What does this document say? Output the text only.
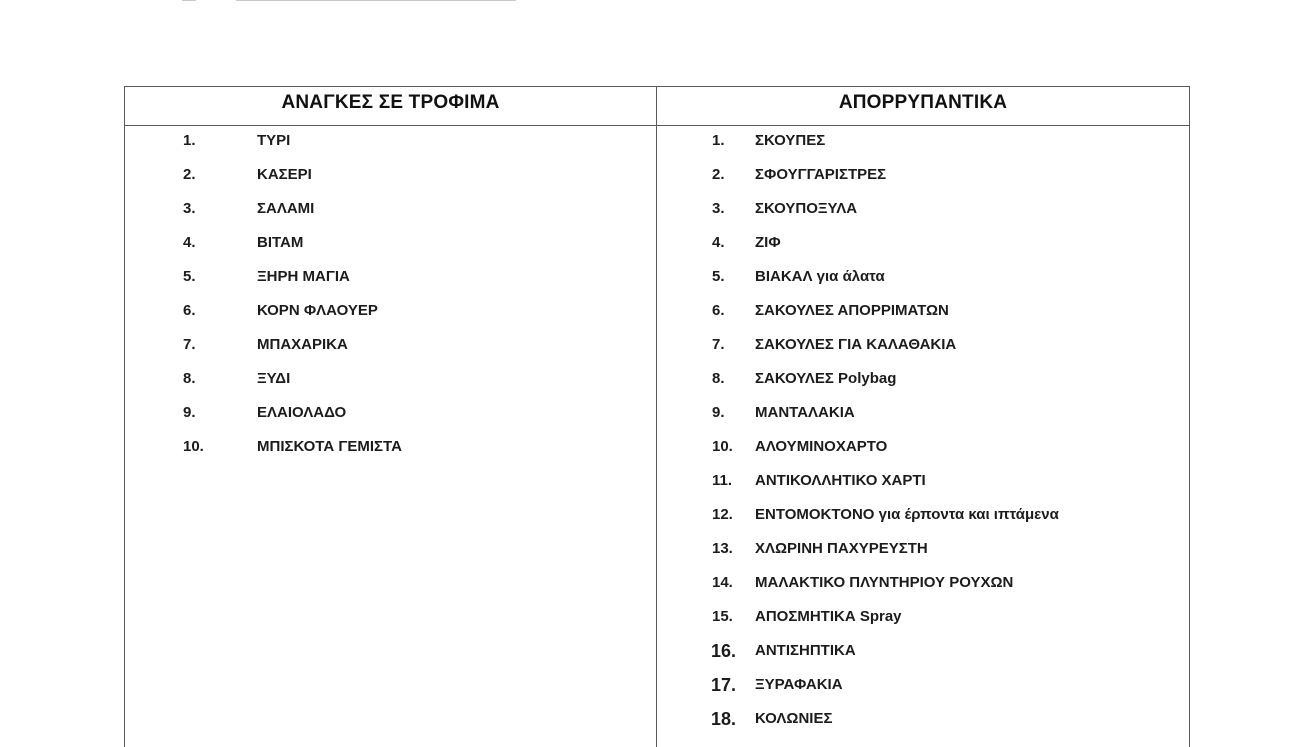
ΑΝΑΓΚΕΣ ΣΕ ΤΡΟΦΙΜΑ	ΑΠΟΡΡΥΠΑΝΤΙΚΑ
1.	ΤΥΡΙ
2.	ΚΑΣΕΡΙ
3.	ΣΑΛΑΜΙ
4.	ΒΙΤΑΜ
5.	ΞΗΡΗ ΜΑΓΙΑ
6.	ΚΟΡΝ ΦΛΑΟΥΕΡ
7.	ΜΠΑΧΑΡΙΚΑ
8.	ΞΥΔΙ
9.	ΕΛΑΙΟΛΑΔΟ
10.	ΜΠΙΣΚΟΤΑ ΓΕΜΙΣΤΑ
1.	ΣΚΟΥΠΕΣ
2.	ΣΦΟΥΓΓΑΡΙΣΤΡΕΣ
3.	ΣΚΟΥΠΟΞΥΛΑ
4.	ΖΙΦ
5.	ΒΙΑΚΑΛ για άλατα
6.	ΣΑΚΟΥΛΕΣ ΑΠΟΡΡΙΜΑΤΩΝ
7.	ΣΑΚΟΥΛΕΣ ΓΙΑ ΚΑΛΑΘΑΚΙΑ
8.	ΣΑΚΟΥΛΕΣ Polybag
9.	ΜΑΝΤΑΛΑΚΙΑ
10.	ΑΛΟΥΜΙΝΟΧΑΡΤΟ
11.	ΑΝΤΙΚΟΛΛΗΤΙΚΟ ΧΑΡΤΙ
12.	ΕΝΤΟΜΟΚΤΟΝΟ για έρποντα και ιπτάμενα
13.	ΧΛΩΡΙΝΗ ΠΑΧΥΡΕΥΣΤΗ
14.	ΜΑΛΑΚΤΙΚΟ ΠΛΥΝΤΗΡΙΟΥ ΡΟΥΧΩΝ
15.	ΑΠΟΣΜΗΤΙΚΑ Spray
16. ΑΝΤΙΣΗΠΤΙΚΑ
17. ΞΥΡΑΦΑΚΙΑ
18. ΚΟΛΩΝΙΕΣ
